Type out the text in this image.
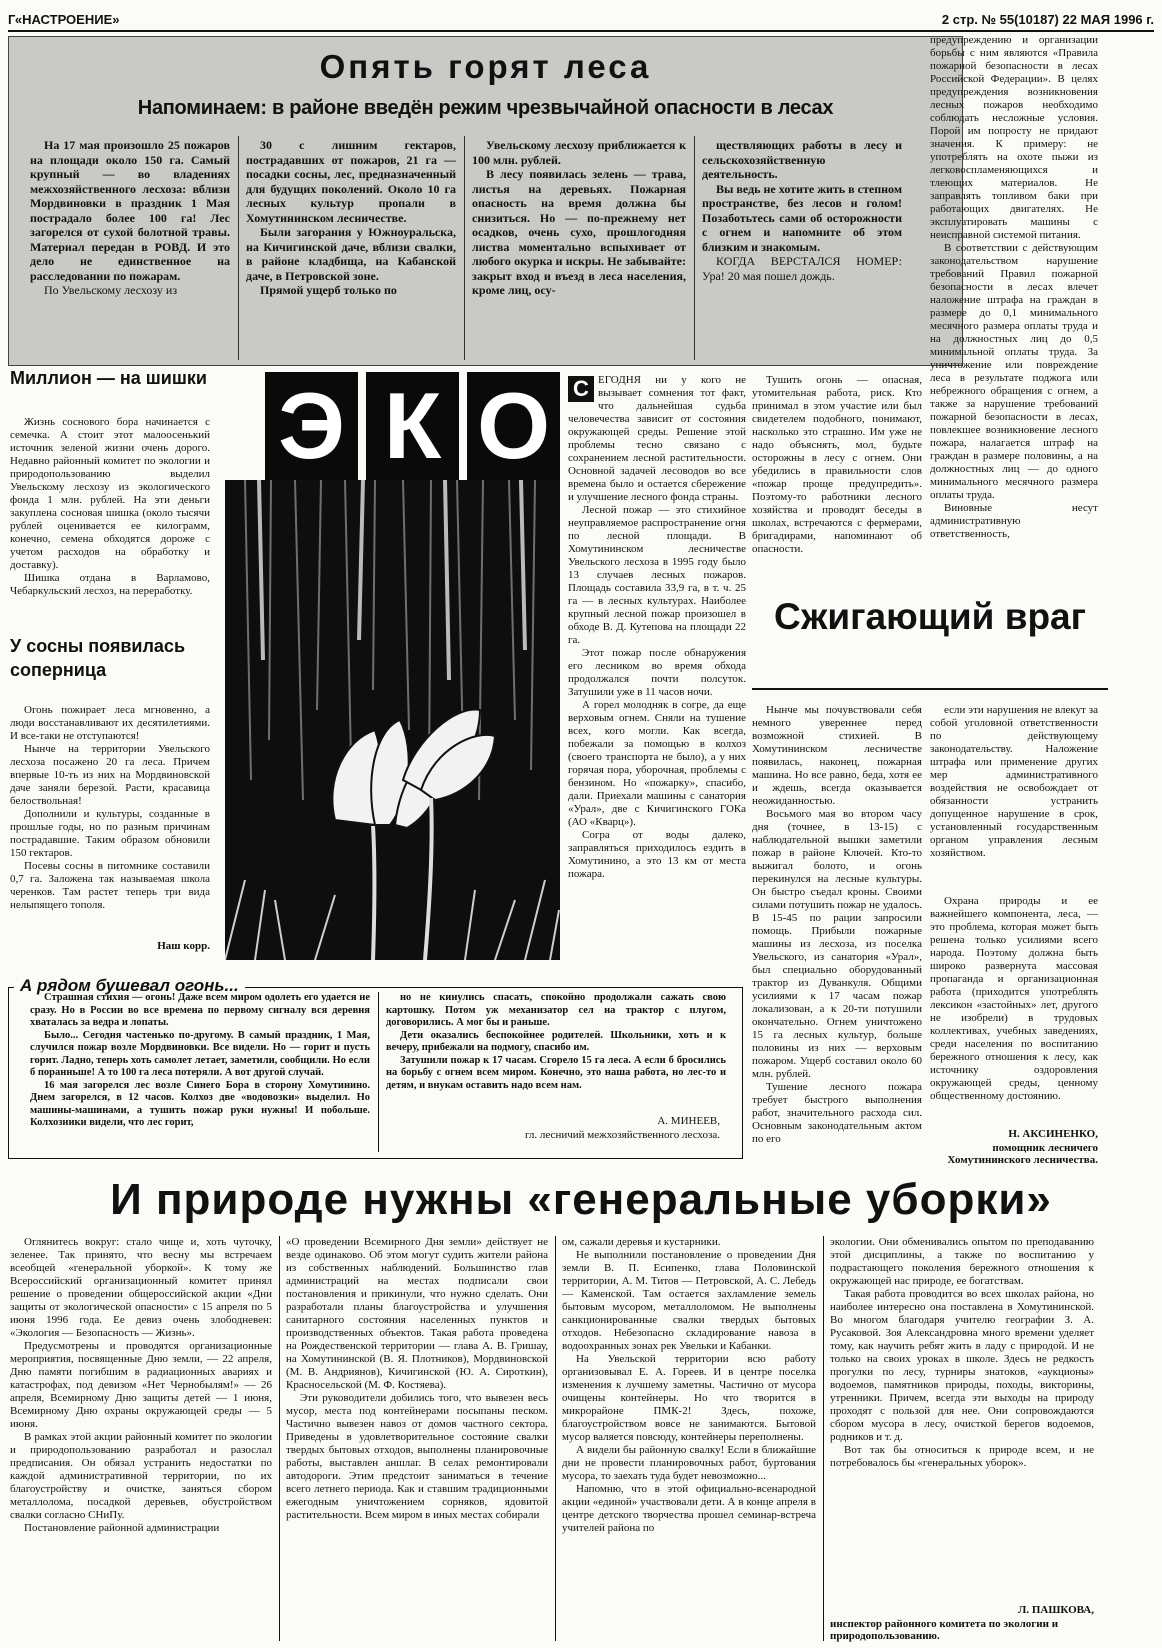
Г«НАСТРОЕНИЕ»	2 стр. № 55(10187) 22 МАЯ 1996 г.
Опять горят леса
Напоминаем: в районе введён режим чрезвычайной опасности в лесах

На 17 мая произошло 25 пожаров на площади около 150 га. Самый крупный — во владениях межхозяйственного лесхоза: вблизи Мордвиновки в праздник 1 Мая пострадало более 100 га! Лес загорелся от сухой болотной травы. Материал передан в РОВД. И это дело не единственное на расследовании по пожарам.

По Увельскому лесхозу из

30 с лишним гектаров, пострадавших от пожаров, 21 га — посадки сосны, лес, предназначенный для будущих поколений. Около 10 га лесных культур пропали в Хомутининском лесничестве.

Были загорания у Южноуральска, на Кичигинской даче, вблизи свалки, в районе кладбища, на Кабанской даче, в Петровской зоне.

Прямой ущерб только по

Увельскому лесхозу приближается к 100 млн. рублей.

В лесу появилась зелень — трава, листья на деревьях. Пожарная опасность на время должна бы снизиться. Но — по-прежнему нет осадков, очень сухо, прошлогодняя листва моментально вспыхивает от любого окурка и искры. Не забывайте: закрыт вход и въезд в леса населения, кроме лиц, осу-

ществляющих работы в лесу и сельскохозяйственную деятельность.

Вы ведь не хотите жить в степном пространстве, без лесов и голом! Позаботьтесь сами об осторожности с огнем и напомните об этом близким и знакомым.

КОГДА ВЕРСТАЛСЯ НОМЕР: Ура! 20 мая пошел дождь.

предупреждению и организации борьбы с ним являются «Правила пожарной безопасности в лесах Российской Федерации». В целях предупреждения возникновения лесных пожаров необходимо соблюдать несложные условия. Порой им попросту не придают значения. К примеру: не употреблять на охоте пыжи из легковоспламеняющихся и тлеющих материалов. Не заправлять топливом баки при работающих двигателях. Не эксплуатировать машины с неисправной системой питания.

В соответствии с действующим законодательством нарушение требований Правил пожарной безопасности в лесах влечет наложение штрафа на граждан в размере до 0,1 минимального месячного размера оплаты труда и на должностных лиц до 0,5 минимальной оплаты труда. За уничтожение или повреждение леса в результате поджога или небрежного обращения с огнем, а также за нарушение требований пожарной безопасности в лесах, повлекшее возникновение лесного пожара, налагается штраф на граждан в размере половины, а на должностных лиц — до одного минимального месячного размера оплаты труда.

Виновные несут административную ответственность,

Миллион — на шишки

Жизнь соснового бора начинается с семечка. А стоит этот малоосенький источник зеленой жизни очень дорого. Недавно районный комитет по экологии и природопользованию выделил Увельскому лесхозу из экологического фонда 1 млн. рублей. На эти деньги закуплена сосновая шишка (около тысячи рублей оценивается ее килограмм, конечно, семена обходятся дороже с учетом расходов на обработку и доставку).

Шишка отдана в Варламово, Чебаркульский лесхоз, на переработку.

У сосны появилась соперница

Огонь пожирает леса мгновенно, а люди восстанавливают их десятилетиями. И все-таки не отступаются!

Нынче на территории Увельского лесхоза посажено 20 га леса. Причем впервые 10-ть из них на Мордвиновской даче заняли березой. Расти, красавица белоствольная!

Дополнили и культуры, созданные в прошлые годы, но по разным причинам пострадавшие. Таким образом обновили 150 гектаров.

Посевы сосны в питомнике составили 0,7 га. Заложена так называемая школа черенков. Там растет теперь три вида нелыпящего тополя.

Наш корр.
Э К О	С ЕГОДНЯ ни у кого не вызывает сомнения тот факт, что дальнейшая судьба человечества зависит от состояния окружающей среды. Решение этой проблемы тесно связано с сохранением лесной растительности. Основной задачей лесоводов во все времена было и остается сбережение и улучшение лесного фонда страны.

Лесной пожар — это стихийное неуправляемое распространение огня по лесной площади. В Хомутининском лесничестве Увельского лесхоза в 1995 году было 13 случаев лесных пожаров. Площадь составила 33,9 га, в т. ч. 25 га — в лесных культурах. Наиболее крупный лесной пожар произошел в обходе В. Д. Кутепова на площади 22 га.

Этот пожар после обнаружения его лесником во время обхода продолжался почти полсуток. Затушили уже в 11 часов ночи.

А горел молодняк в согре, да еще верховым огнем. Сняли на тушение всех, кого могли. Как всегда, побежали за помощью в колхоз (своего транспорта не было), а у них горячая пора, уборочная, проблемы с бензином. Но «пожарку», спасибо, дали. Приехали машины с санатория «Урал», две с Кичигинского ГОКа (АО «Кварц»).

Согра от воды далеко, заправляться приходилось ездить в Хомутинино, а это 13 км от места пожара.

Тушить огонь — опасная, утомительная работа, риск. Кто принимал в этом участие или был свидетелем подобного, понимают, насколько это страшно. Им уже не надо объяснять, мол, будьте осторожны в лесу с огнем. Они убедились в правильности слов «пожар проще предупредить». Поэтому-то работники лесного хозяйства и проводят беседы в школах, встречаются с фермерами, бригадирами, напоминают об опасности.

Сжигающий враг

Нынче мы почувствовали себя немного увереннее перед возможной стихией. В Хомутининском лесничестве появилась, наконец, пожарная машина. Но все равно, беда, хотя ее и ждешь, всегда оказывается неожиданностью.

Восьмого мая во втором часу дня (точнее, в 13-15) с наблюдательной вышки заметили пожар в районе Ключей. Кто-то выжигал болото, и огонь перекинулся на лесные культуры. Он быстро съедал кроны. Своими силами потушить пожар не удалось. В 15-45 по рации запросили помощь. Прибыли пожарные машины из лесхоза, из поселка Увельского, из санатория «Урал», был специально оборудованный трактор из Дуванкуля. Общими усилиями к 17 часам пожар локализован, а к 20-ти потушили окончательно. Огнем уничтожено 15 га лесных культур, больше половины из них — верховым пожаром. Ущерб составил около 60 млн. рублей.

Тушение лесного пожара требует быстрого выполнения работ, значительного расхода сил. Основным законодательным актом по его

если эти нарушения не влекут за собой уголовной ответственности по действующему законодательству. Наложение штрафа или применение других мер административного воздействия не освобождает от обязанности устранить допущенное нарушение в срок, установленный государственным органом управления лесным хозяйством.

Охрана природы и ее важнейшего компонента, леса, — это проблема, которая может быть решена только усилиями всего народа. Поэтому должна быть широко развернута массовая пропаганда и организационная работа (приходится употреблять лексикон «застойных» лет, другого не изобрели) в трудовых коллективах, учебных заведениях, среди населения по воспитанию бережного отношения к лесу, как источнику оздоровления окружающей среды, ценному общественному достоянию.

Н. АКСИНЕНКО,
помощник лесничего Хомутининского лесничества.
А рядом бушевал огонь...

Страшная стихия — огонь! Даже всем миром одолеть его удается не сразу. Но в России во все времена по первому сигналу вся деревня хваталась за ведра и лопаты.

Было... Сегодня частенько по-другому. В самый праздник, 1 Мая, случился пожар возле Мордвиновки. Все видели. Но — горит и пусть горит. Ладно, теперь хоть самолет летает, заметили, сообщили. Но если б поранньше! А то 100 га леса потеряли. А вот другой случай.

16 мая загорелся лес возле Синего Бора в сторону Хомутинино. Днем загорелся, в 12 часов. Колхоз две «водовозки» выделил. Но машины-машинами, а тушить пожар руки нужны! И побольше. Колхозники видели, что лес горит,

но не кинулись спасать, спокойно продолжали сажать свою картошку. Потом уж механизатор сел на трактор с плугом, договорились. А мог бы и раньше.

Дети оказались беспокойнее родителей. Школьники, хоть и к вечеру, прибежали на подмогу, спасибо им.

Затушили пожар к 17 часам. Сгорело 15 га леса. А если б бросились на борьбу с огнем всем миром. Конечно, это наша работа, но лес-то и детям, и внукам оставить надо всем нам.

А. МИНЕЕВ,
гл. лесничий межхозяйственного лесхоза.
И природе нужны «генеральные уборки»

Оглянитесь вокруг: стало чище и, хоть чуточку, зеленее. Так принято, что весну мы встречаем всеобщей «генеральной уборкой». К тому же Всероссийский организационный комитет принял решение о проведении общероссийской акции «Дни защиты от экологической опасности» с 15 апреля по 5 июня 1996 года. Ее девиз очень злободневен: «Экология — Безопасность — Жизнь».

Предусмотрены и проводятся организационные мероприятия, посвященные Дню земли, — 22 апреля, Дню памяти погибшим в радиационных авариях и катастрофах, под девизом «Нет Чернобылям!» — 26 апреля, Всемирному Дню защиты детей — 1 июня, Всемирному Дню охраны окружающей среды — 5 июня.

В рамках этой акции районный комитет по экологии и природопользованию разработал и разослал предписания. Он обязал устранить недостатки по каждой административной территории, по их благоустройству и очистке, заняться сбором металлолома, посадкой деревьев, обустройством свалки согласно СНиПу.

Постановление районной администрации

«О проведении Всемирного Дня земли» действует не везде одинаково. Об этом могут судить жители района из собственных наблюдений. Большинство глав администраций на местах подписали свои постановления и прикинули, что нужно сделать. Они разработали планы благоустройства и улучшения санитарного состояния населенных пунктов и производственных объектов. Такая работа проведена на Рождественской территории — глава А. В. Гришау, на Хомутининской (В. Я. Плотников), Мордвиновской (М. В. Андриянов), Кичигинской (Ю. А. Сироткин), Красносельской (М. Ф. Костяева).

Эти руководители добились того, что вывезен весь мусор, места под контейнерами посыпаны песком. Частично вывезен навоз от домов частного сектора. Приведены в удовлетворительное состояние свалки твердых бытовых отходов, выполнены планировочные работы, выставлен аншлаг. В селах ремонтировали автодороги. Этим предстоит заниматься в течение всего летнего периода. Как и ставшим традиционными ежегодным уничтожением сорняков, ядовитой растительности. Всем миром в иных местах собирали

ом, сажали деревья и кустарники.

Не выполнили постановление о проведении Дня земли В. П. Есипенко, глава Половинской территории, А. М. Титов — Петровской, А. С. Лебедь — Каменской. Там остается захламление земель бытовым мусором, металлоломом. Не выполнены санкционированные свалки твердых бытовых отходов. Небезопасно складирование навоза в водоохранных зонах рек Увельки и Кабанки.

На Увельской территории всю работу организовывал Е. А. Гореев. И в центре поселка изменения к лучшему заметны. Частично от мусора очищены контейнеры. Но что творится в микрорайоне ПМК-2! Здесь, похоже, благоустройством вовсе не занимаются. Бытовой мусор валяется повсюду, контейнеры переполнены.

А видели бы районную свалку! Если в ближайшие дни не провести планировочных работ, буртования мусора, то заехать туда будет невозможно...

Напомню, что в этой официально-всенародной акции «единой» участвовали дети. А в конце апреля в центре детского творчества прошел семинар-встреча учителей района по

экологии. Они обменивались опытом по преподаванию этой дисциплины, а также по воспитанию у подрастающего поколения бережного отношения к окружающей нас природе, ее богатствам.

Такая работа проводится во всех школах района, но наиболее интересно она поставлена в Хомутининской. Во многом благодаря учителю географии З. А. Русаковой. Зоя Александровна много времени уделяет тому, как научить ребят жить в ладу с природой. И не только на своих уроках в школе. Здесь не редкость прогулки по лесу, турниры знатоков, «аукционы» водоемов, памятников природы, походы, викторины, утренники. Причем, всегда эти выходы на природу проходят с пользой для нее. Они сопровождаются сбором мусора в лесу, очисткой берегов водоемов, родников и т. д.

Вот так бы относиться к природе всем, и не потребовалось бы «генеральных уборок».

Л. ПАШКОВА,
инспектор районного комитета по экологии и природопользованию.
